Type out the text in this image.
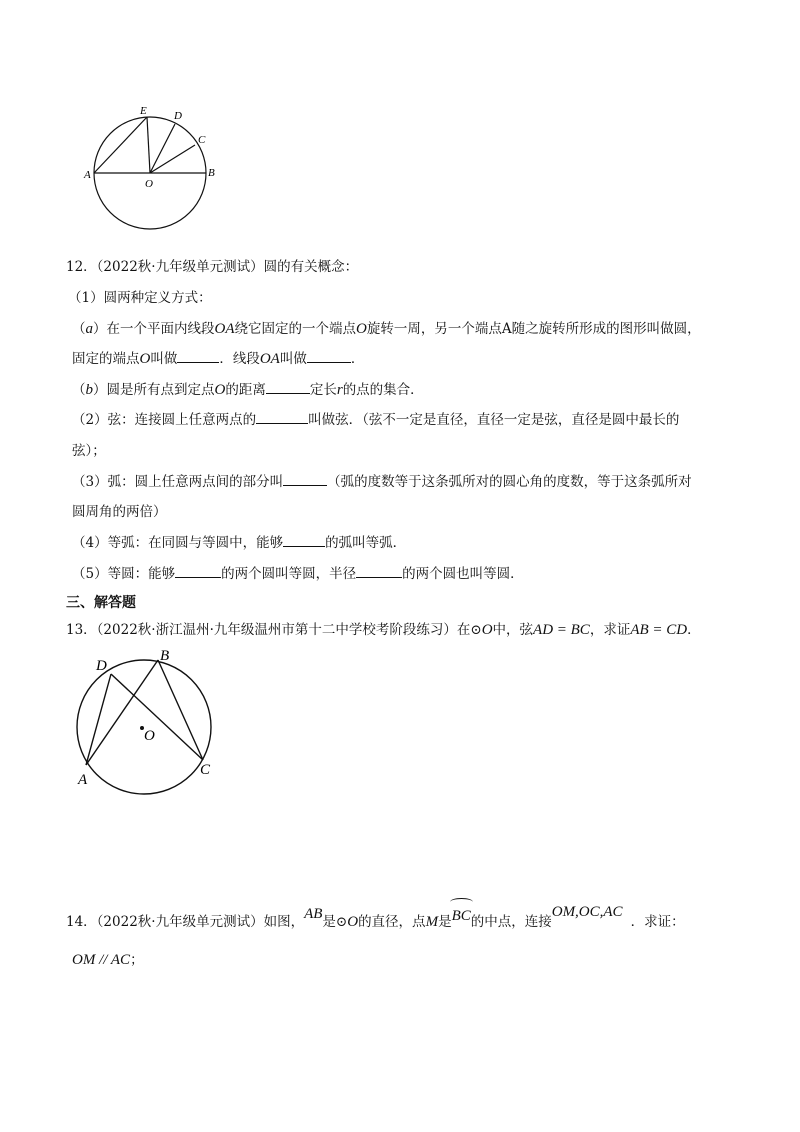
A	B
C
D
E
O
12．（2022秋·九年级单元测试）圆的有关概念：
（1）圆两种定义方式：
（a）在一个平面内线段OA绕它固定的一个端点O旋转一周，另一个端点A随之旋转所形成的图形叫做圆，
固定的端点O叫做	．线段OA叫做	．
（b）圆是所有点到定点O的距离	定长r的点的集合．
（2）弦：连接圆上任意两点的	叫做弦．（弦不一定是直径，直径一定是弦，直径是圆中最长的
弦）；
（3）弧：圆上任意两点间的部分叫	（弧的度数等于这条弧所对的圆心角的度数，等于这条弧所对
圆周角的两倍）
（4）等弧：在同圆与等圆中，能够	的弧叫等弧．
（5）等圆：能够	的两个圆叫等圆，半径	的两个圆也叫等圆．
三、解答题
13．（2022秋·浙江温州·九年级温州市第十二中学校考阶段练习）在⊙O中，弦AD = BC，求证AB = CD．
D
B
O
A
C
14．（2022秋·九年级单元测试）如图，AB是⊙O的直径，点M是
BC的中点，连接OM,OC,AC．求证：
OM // AC；
